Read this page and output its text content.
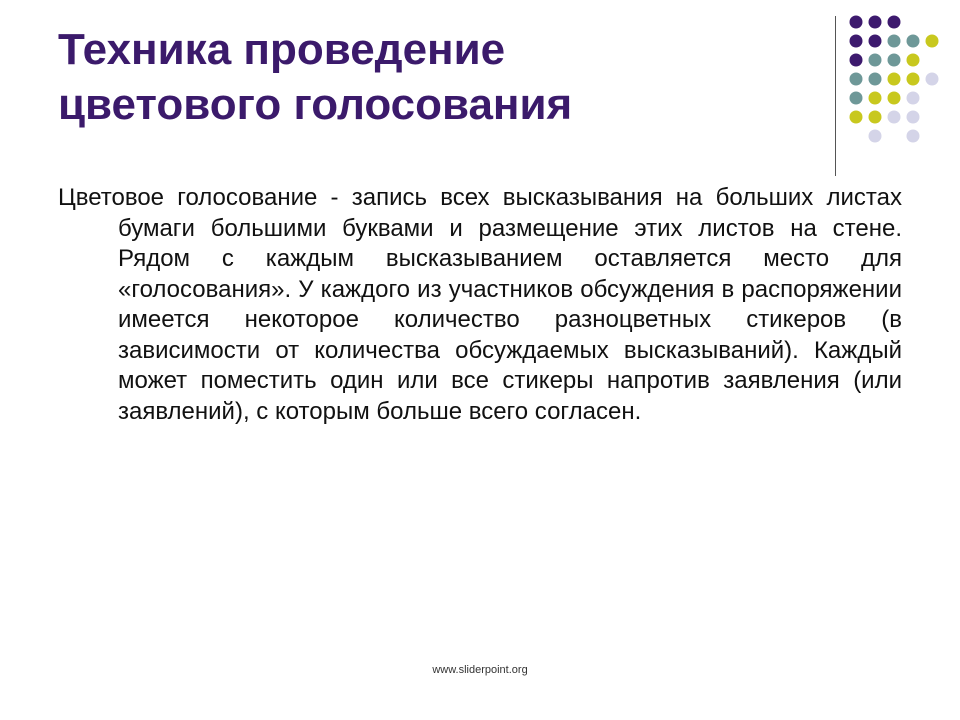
Техника проведение
цветового голосования

Цветовое голосование - запись всех высказывания на больших листах бумаги большими буквами и размещение этих листов на стене. Рядом с каждым высказыванием оставляется место для «голосования». У каждого из участников обсуждения в распоряжении имеется некоторое количество разноцветных стикеров (в зависимости от количества обсуждаемых высказываний). Каждый может поместить один или все стикеры напротив заявления (или заявлений), с которым больше всего согласен.

www.sliderpoint.org
